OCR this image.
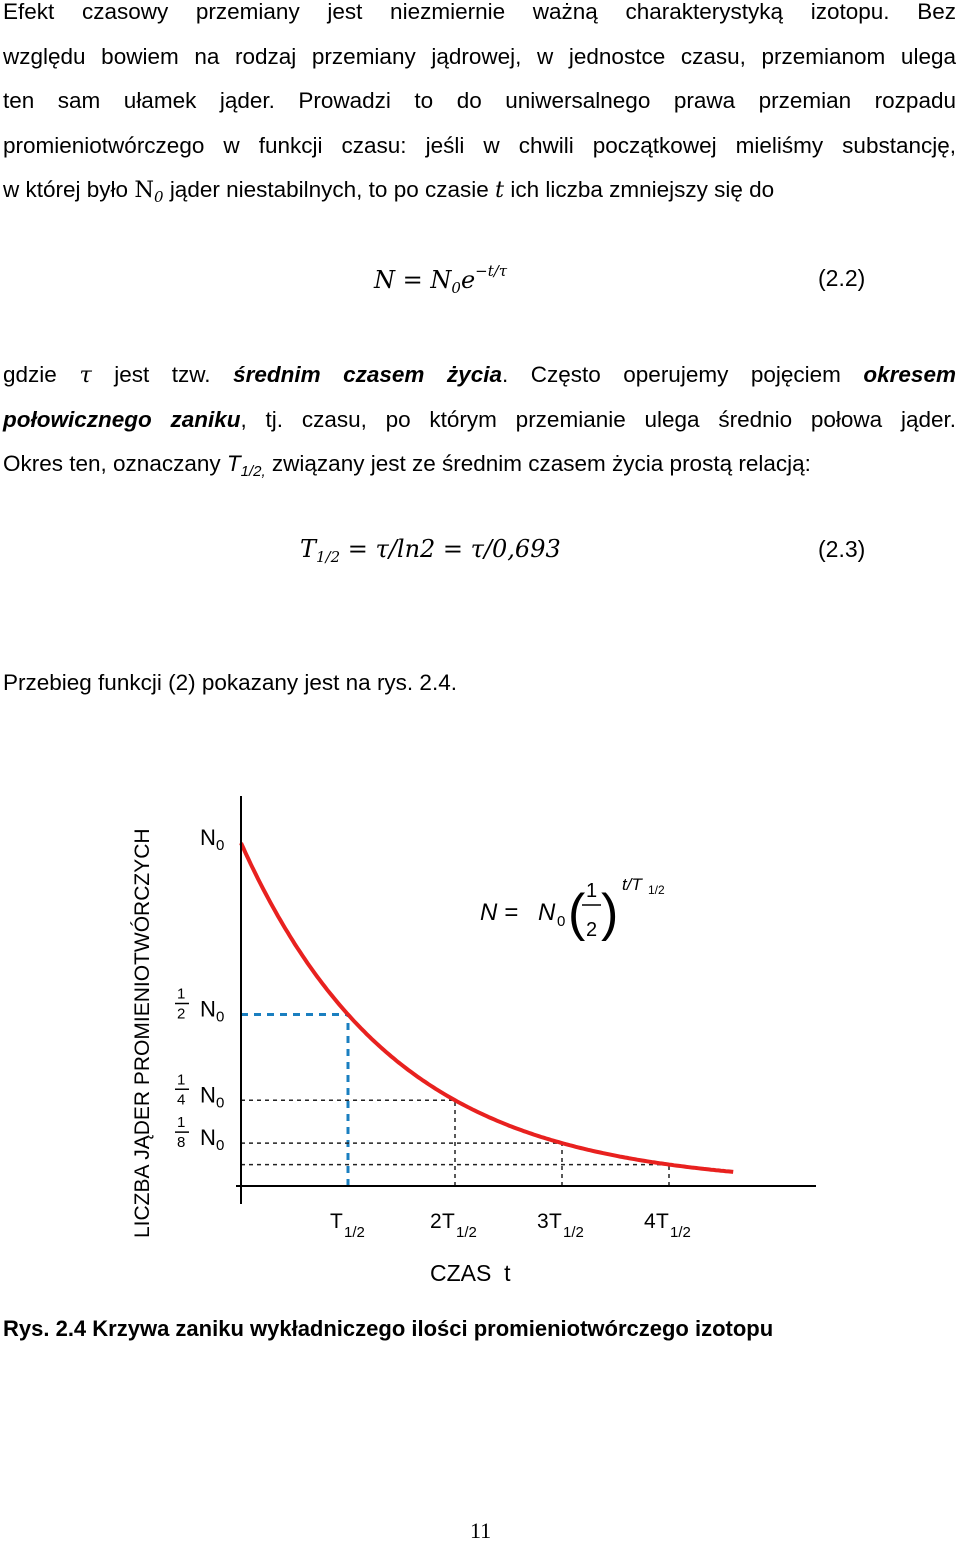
Efekt czasowy przemiany jest niezmiernie ważną charakterystyką izotopu. Bez
względu bowiem na rodzaj przemiany jądrowej, w jednostce czasu, przemianom ulega
ten sam ułamek jąder. Prowadzi to do uniwersalnego prawa przemian rozpadu
promieniotwórczego w funkcji czasu: jeśli w chwili początkowej mieliśmy substancję,
w której było $N_0$ jąder niestabilnych, to po czasie t ich liczba zmniejszy się do
$N = N_0e^{-t/\tau}$	(2.2)
gdzie τ jest tzw. średnim czasem życia. Często operujemy pojęciem okresem
połowicznego zaniku, tj. czasu, po którym przemianie ulega średnio połowa jąder.
Okres ten, oznaczany $T_{1/2,}$ związany jest ze średnim czasem życia prostą relacją:
$T_{1/2} = \tau/\ln 2 = \tau/0,693$	(2.3)
Przebieg funkcji (2) pokazany jest na rys. 2.4.
LICZBA JĄDER PROMIENIOTWÓRCZYCH
CZAS  t
N 0
1
2 N 0
1
4 N 0
1
8 N 0
T 1/2	2 T 1/2	3 T 1/2	4 T 1/2
N = N 0 ( 1
2 ) t/T 1/2
Rys. 2.4 Krzywa zaniku wykładniczego ilości promieniotwórczego izotopu
11
